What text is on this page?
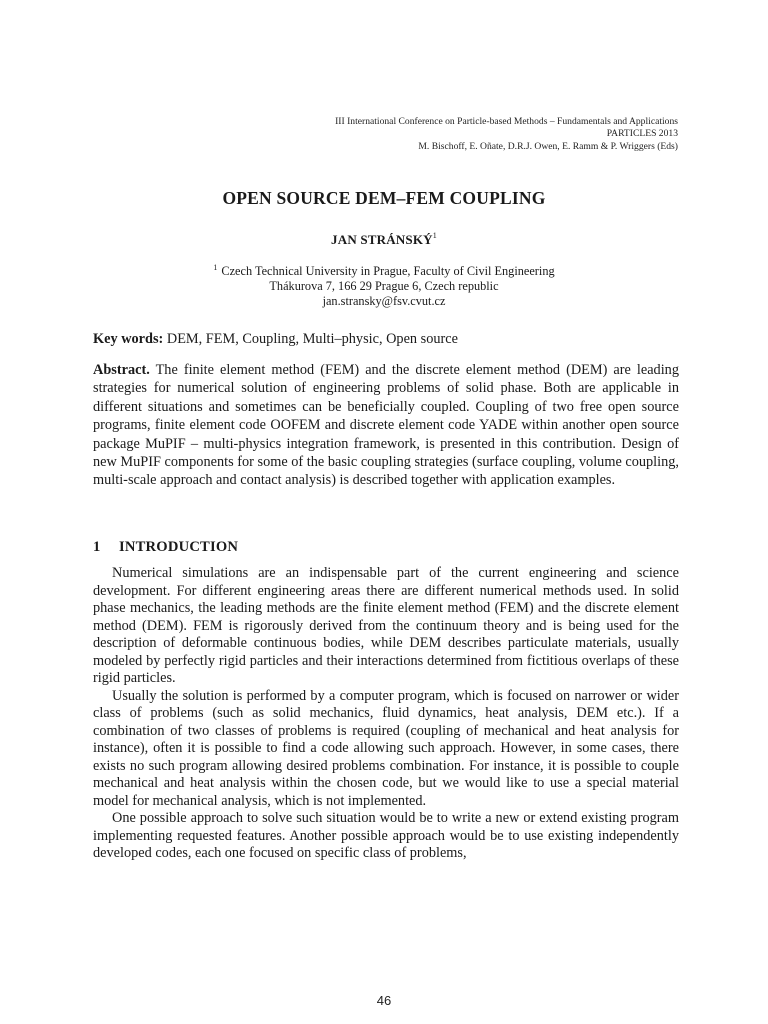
III International Conference on Particle-based Methods – Fundamentals and Applications
PARTICLES 2013
M. Bischoff, E. Oñate, D.R.J. Owen, E. Ramm & P. Wriggers (Eds)
OPEN SOURCE DEM–FEM COUPLING
JAN STRÁNSKÝ$^1$
$^1$ Czech Technical University in Prague, Faculty of Civil Engineering
Thákurova 7, 166 29 Prague 6, Czech republic
jan.stransky@fsv.cvut.cz
Key words: DEM, FEM, Coupling, Multi–physic, Open source
Abstract. The finite element method (FEM) and the discrete element method (DEM) are leading strategies for numerical solution of engineering problems of solid phase. Both are applicable in different situations and sometimes can be beneficially coupled. Coupling of two free open source programs, finite element code OOFEM and discrete element code YADE within another open source package MuPIF – multi-physics integration framework, is presented in this contribution. Design of new MuPIF components for some of the basic coupling strategies (surface coupling, volume coupling, multi-scale approach and contact analysis) is described together with application examples.
1 INTRODUCTION

Numerical simulations are an indispensable part of the current engineering and science development. For different engineering areas there are different numerical methods used. In solid phase mechanics, the leading methods are the finite element method (FEM) and the discrete element method (DEM). FEM is rigorously derived from the continuum theory and is being used for the description of deformable continuous bodies, while DEM describes particulate materials, usually modeled by perfectly rigid particles and their interactions determined from fictitious overlaps of these rigid particles.

Usually the solution is performed by a computer program, which is focused on narrower or wider class of problems (such as solid mechanics, fluid dynamics, heat analysis, DEM etc.). If a combination of two classes of problems is required (coupling of mechanical and heat analysis for instance), often it is possible to find a code allowing such approach. However, in some cases, there exists no such program allowing desired problems combination. For instance, it is possible to couple mechanical and heat analysis within the chosen code, but we would like to use a special material model for mechanical analysis, which is not implemented.

One possible approach to solve such situation would be to write a new or extend existing program implementing requested features. Another possible approach would be to use existing independently developed codes, each one focused on specific class of problems,

46
